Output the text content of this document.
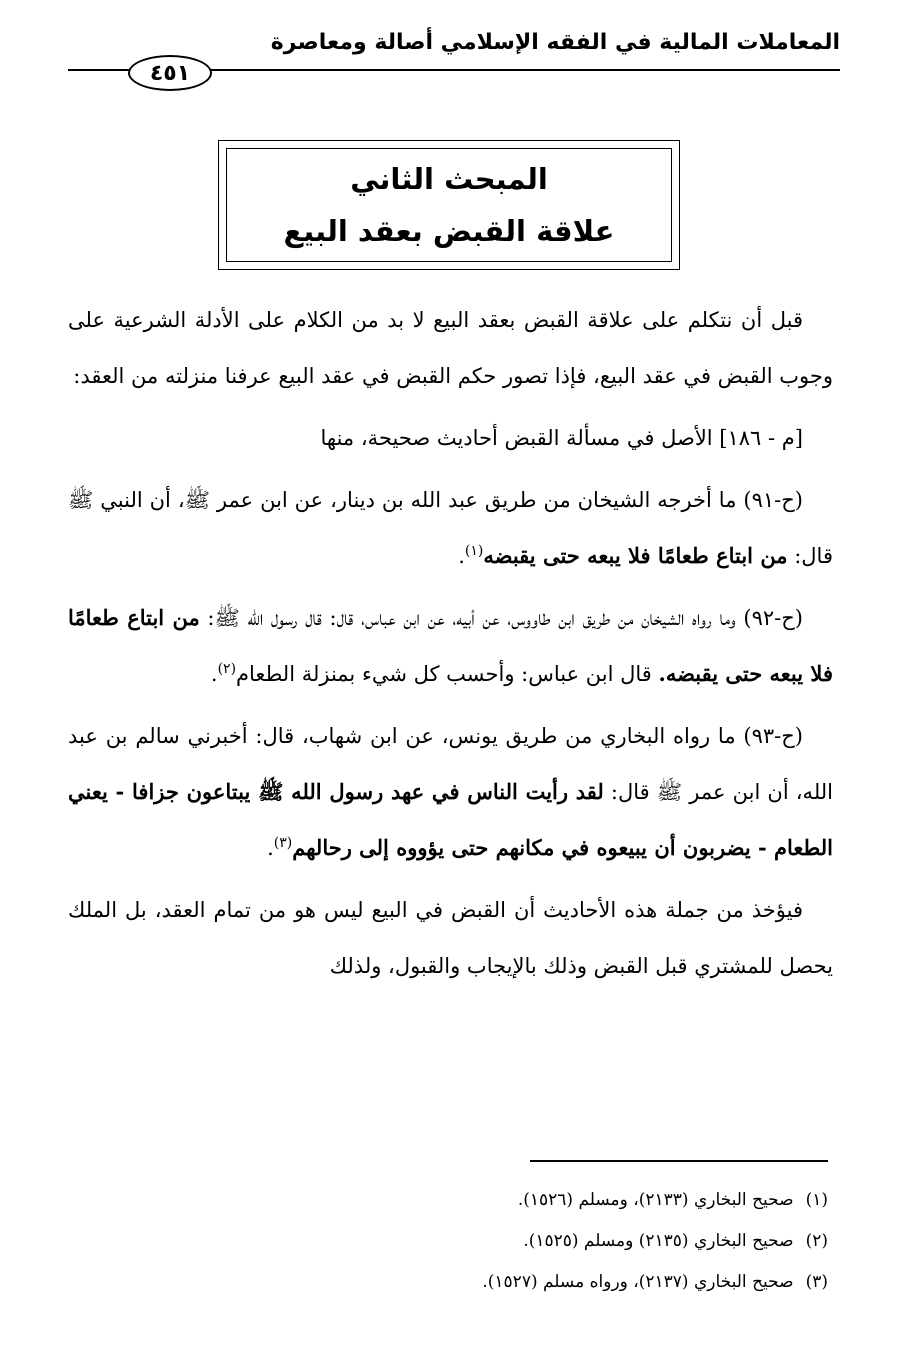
المعاملات المالية في الفقه الإسلامي أصالة ومعاصرة
٤٥١
المبحث الثاني
علاقة القبض بعقد البيع

قبل أن نتكلم على علاقة القبض بعقد البيع لا بد من الكلام على الأدلة الشرعية على وجوب القبض في عقد البيع، فإذا تصور حكم القبض في عقد البيع عرفنا منزلته من العقد:

[م - ١٨٦] الأصل في مسألة القبض أحاديث صحيحة، منها

(ح-٩١) ما أخرجه الشيخان من طريق عبد الله بن دينار، عن ابن عمر ﷺ، أن النبي ﷺ قال: من ابتاع طعامًا فلا يبعه حتى يقبضه$^{(١)}$.

(ح-٩٢) وما رواه الشيخان من طريق ابن طاووس، عن أبيه، عن ابن عباس، قال: قال رسول الله ﷺ: من ابتاع طعامًا فلا يبعه حتى يقبضه. قال ابن عباس: وأحسب كل شيء بمنزلة الطعام$^{(٢)}$.

(ح-٩٣) ما رواه البخاري من طريق يونس، عن ابن شهاب، قال: أخبرني سالم بن عبد الله، أن ابن عمر ﷺ قال: لقد رأيت الناس في عهد رسول الله ﷺ يبتاعون جزافا - يعني الطعام - يضربون أن يبيعوه في مكانهم حتى يؤووه إلى رحالهم$^{(٣)}$.

فيؤخذ من جملة هذه الأحاديث أن القبض في البيع ليس هو من تمام العقد، بل الملك يحصل للمشتري قبل القبض وذلك بالإيجاب والقبول، ولذلك

(١)صحيح البخاري (٢١٣٣)، ومسلم (١٥٢٦).
(٢)صحيح البخاري (٢١٣٥) ومسلم (١٥٢٥).
(٣)صحيح البخاري (٢١٣٧)، ورواه مسلم (١٥٢٧).
